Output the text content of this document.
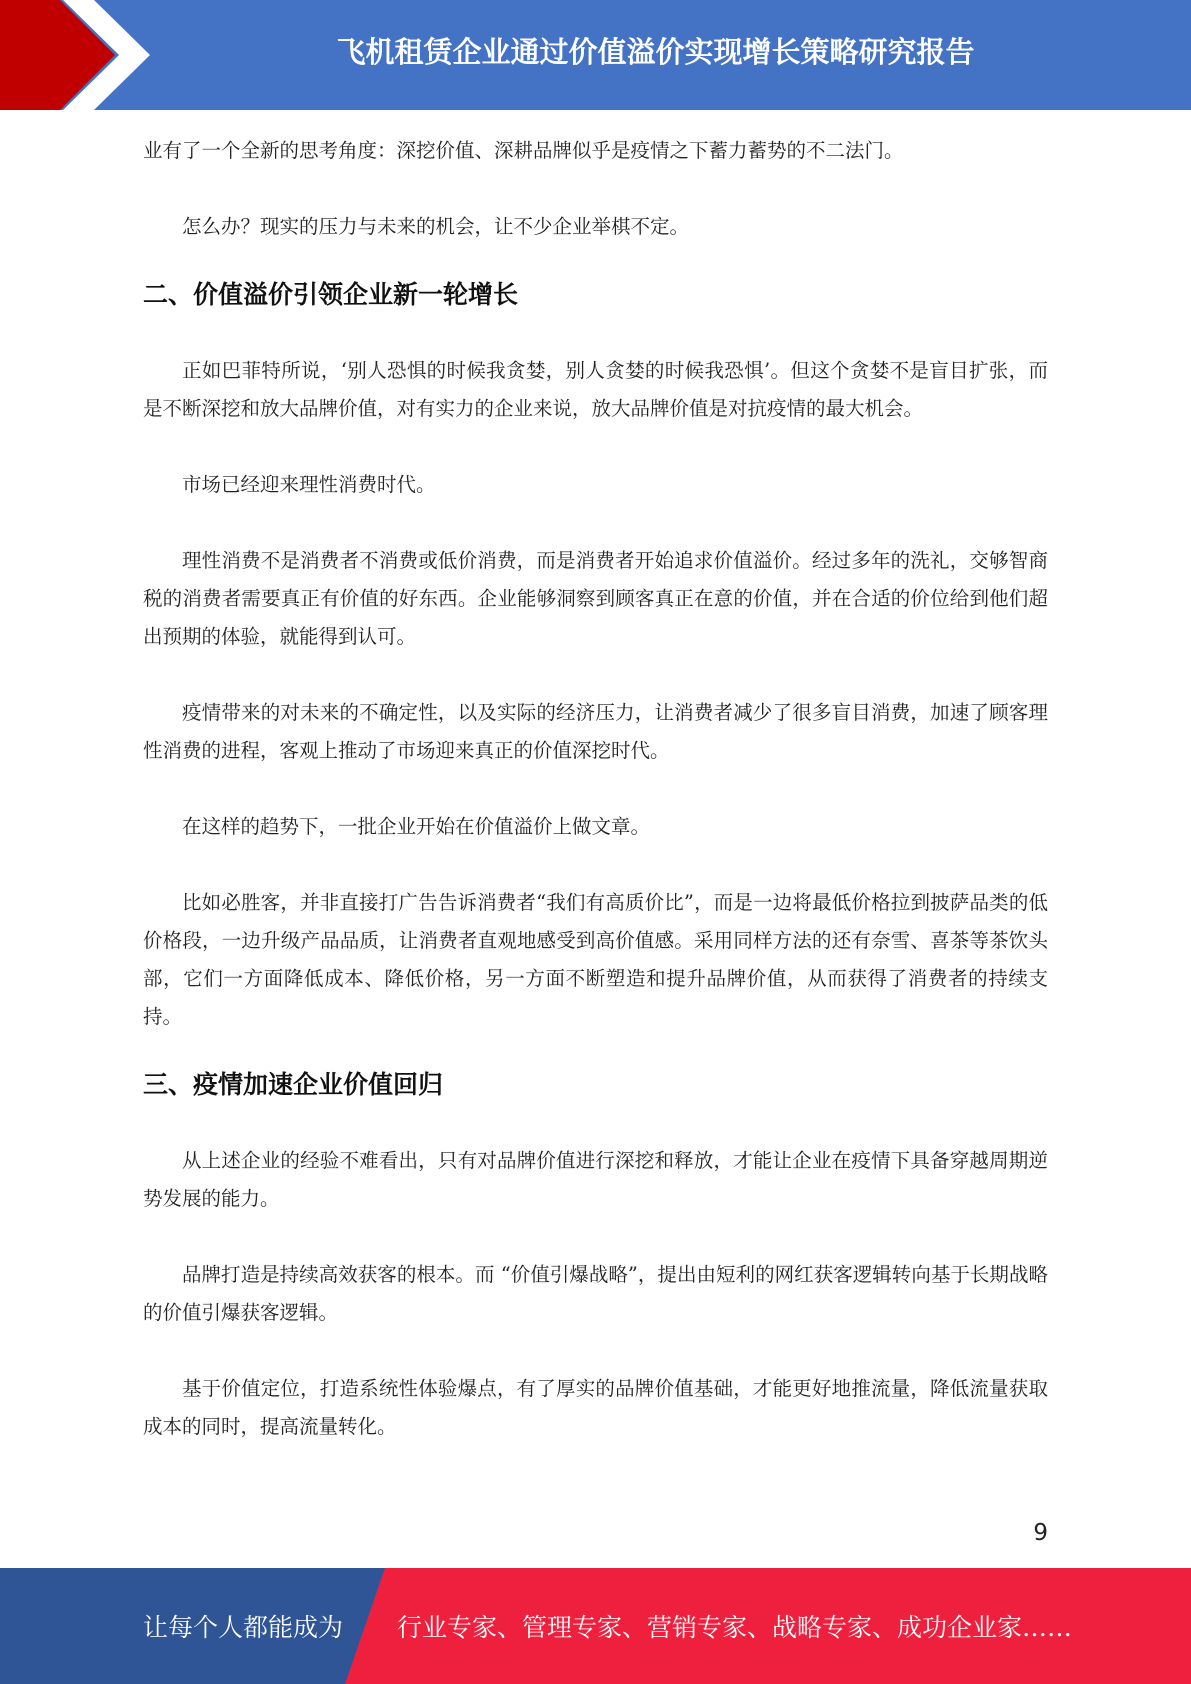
飞机租赁企业通过价值溢价实现增长策略研究报告

业有了一个全新的思考角度：深挖价值、深耕品牌似乎是疫情之下蓄力蓄势的不二法门。

怎么办？现实的压力与未来的机会，让不少企业举棋不定。

二、价值溢价引领企业新一轮增长

正如巴菲特所说，‘别人恐惧的时候我贪婪，别人贪婪的时候我恐惧’。但这个贪婪不是盲目扩张，而是不断深挖和放大品牌价值，对有实力的企业来说，放大品牌价值是对抗疫情的最大机会。

市场已经迎来理性消费时代。

理性消费不是消费者不消费或低价消费，而是消费者开始追求价值溢价。经过多年的洗礼，交够智商税的消费者需要真正有价值的好东西。企业能够洞察到顾客真正在意的价值，并在合适的价位给到他们超出预期的体验，就能得到认可。

疫情带来的对未来的不确定性，以及实际的经济压力，让消费者减少了很多盲目消费，加速了顾客理性消费的进程，客观上推动了市场迎来真正的价值深挖时代。

在这样的趋势下，一批企业开始在价值溢价上做文章。

比如必胜客，并非直接打广告告诉消费者“我们有高质价比”，而是一边将最低价格拉到披萨品类的低价格段，一边升级产品品质，让消费者直观地感受到高价值感。采用同样方法的还有奈雪、喜茶等茶饮头部，它们一方面降低成本、降低价格，另一方面不断塑造和提升品牌价值，从而获得了消费者的持续支持。

三、疫情加速企业价值回归

从上述企业的经验不难看出，只有对品牌价值进行深挖和释放，才能让企业在疫情下具备穿越周期逆势发展的能力。

品牌打造是持续高效获客的根本。而 “价值引爆战略”，提出由短利的网红获客逻辑转向基于长期战略的价值引爆获客逻辑。

基于价值定位，打造系统性体验爆点，有了厚实的品牌价值基础，才能更好地推流量，降低流量获取成本的同时，提高流量转化。

9
让每个人都能成为 行业专家、管理专家、营销专家、战略专家、成功企业家……
